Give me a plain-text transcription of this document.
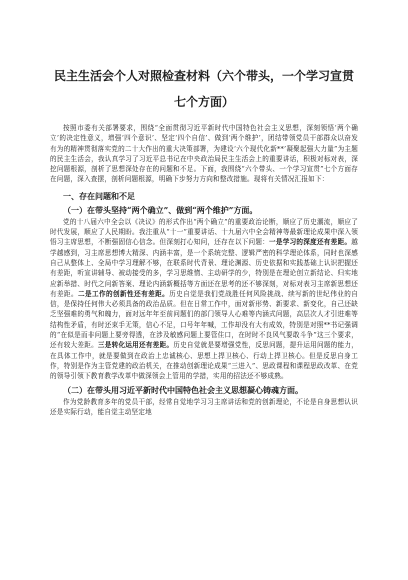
民主生活会个人对照检查材料（六个带头，一个学习宣贯
七个方面）

按照市委有关部署要求，围绕“全面贯彻习近平新时代中国特色社会主义思想，深刻领悟‘两个确立’的决定性意义，增强‘四个意识’、坚定‘四个自信’、做到‘两个维护’，团结带领党员干部群众以奋发有为的精神贯彻落实党的二十大作出的重大决策部署，为建设‘六个现代化新**’凝聚起强大力量”为主题的民主生活会，我认真学习了习近平总书记在中央政治局民主生活会上的重要讲话，积极对标对表，深挖问题根源，剖析了思想深处存在的问题和不足。下面，我围绕“六个带头、一个学习宣贯”七个方面存在问题，深入查摆，剖析问题根源，明确下步努力方向和整改措施。现将有关情况汇报如下：

一、存在问题和不足
（一）在带头坚持“两个确立”、做到“两个维护”方面。

党的十八届六中全会以《决议》的形式作出“两个确立”的重要政治论断，顺应了历史潮流，顺应了时代发展，顺应了人民期盼。我注重从“十一”重要讲话、十九届六中全会精神等最新理论成果中深入领悟习主席思想，不断强固信心信念。但深刻打心知问，还存在以下问题：一是学习的深度还有差距。越学越感到，习主席思想博大精深、内涵丰富，是一个系统完整、逻辑严密的科学理论体系，同时也深感自己从整体上、全局中学习理解不够，在联系时代背景、理论渊源、历史依据和实践基础上认识把握还有差距，听宣讲辅导、被动接受的多，学习思维惰、主动研学的少，特别是在理论创立新结论、归实地应新举措、时代之问新答案、理论内涵新概括等方面还在思考的还不够深刻，对标对表习主席新思想还有差距。二是工作的创新性还有差距。历史自觉是我们党战胜任何风险挑战、续写新的世纪伟业的自信，是保持任何伟大必须具备的政治品质。但在日常工作中，面对新形势、新要求、新变化，自己还缺乏坚强难的勇气和魄力，面对远年年至前问题们的部门领导人心难等内涵式问题，高层次人才引进难等结构性矛盾，有时还束手无策，信心不足，口号年年喊，工作却没有大有成效，特别是对照**书记强调的“在似是而非问题上要旁得透，在涉及敏感问题上要管住口，在时时不良风气要敢斗争”这三个要求，还有较大差距。三是转化运用还有差距。历史自觉就是要增强党性，反思问题，提升运用问题的能力，在具体工作中，就是要做到在政治上忠诚核心、思想上捍卫核心、行动上捍卫核心。但是反思自身工作，特别是作为主管党建的政治机关，在推动创新理论成果“三进入”、思政课程和课程思政改革、在党的领导引领下教育教学改革中做深领会上管用的学措，实用的招法还不够成熟。

（二）在带头用习近平新时代中国特色社会主义思想凝心铸魂方面。

作为党龄教育多年的党员干部，经常自觉地学习习主席讲话和党的创新理论，不论是自身思想认识还是实际行动，能自觉主动坚定地
